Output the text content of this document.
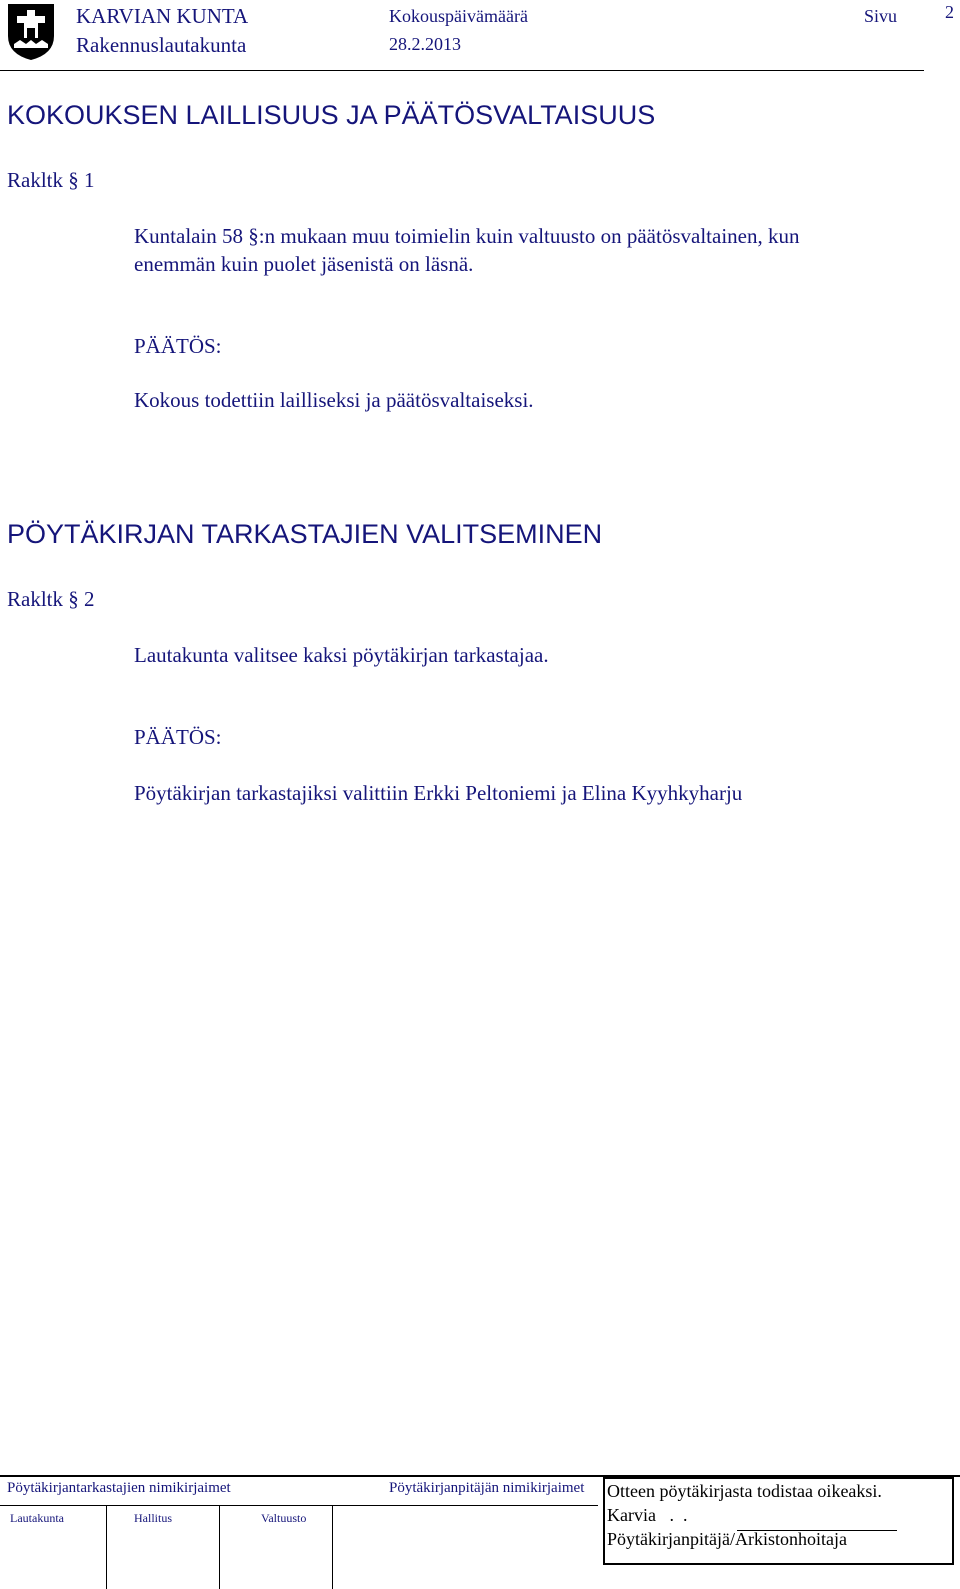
KARVIAN KUNTA
Rakennuslautakunta
Kokouspäivämäärä
28.2.2013
Sivu	2
KOKOUKSEN LAILLISUUS JA PÄÄTÖSVALTAISUUS
Rakltk § 1
Kuntalain 58 §:n mukaan muu toimielin kuin valtuusto on päätösvaltainen, kun
enemmän kuin puolet jäsenistä on läsnä.
PÄÄTÖS:
Kokous todettiin lailliseksi ja päätösvaltaiseksi.
PÖYTÄKIRJAN TARKASTAJIEN VALITSEMINEN
Rakltk § 2
Lautakunta valitsee kaksi pöytäkirjan tarkastajaa.
PÄÄTÖS:
Pöytäkirjan tarkastajiksi valittiin Erkki Peltoniemi ja Elina Kyyhkyharju
Pöytäkirjantarkastajien nimikirjaimet	Pöytäkirjanpitäjän nimikirjaimet
Lautakunta	Hallitus	Valtuusto
Otteen pöytäkirjasta todistaa oikeaksi.
Karvia   .  .
Pöytäkirjanpitäjä/Arkistonhoitaja
